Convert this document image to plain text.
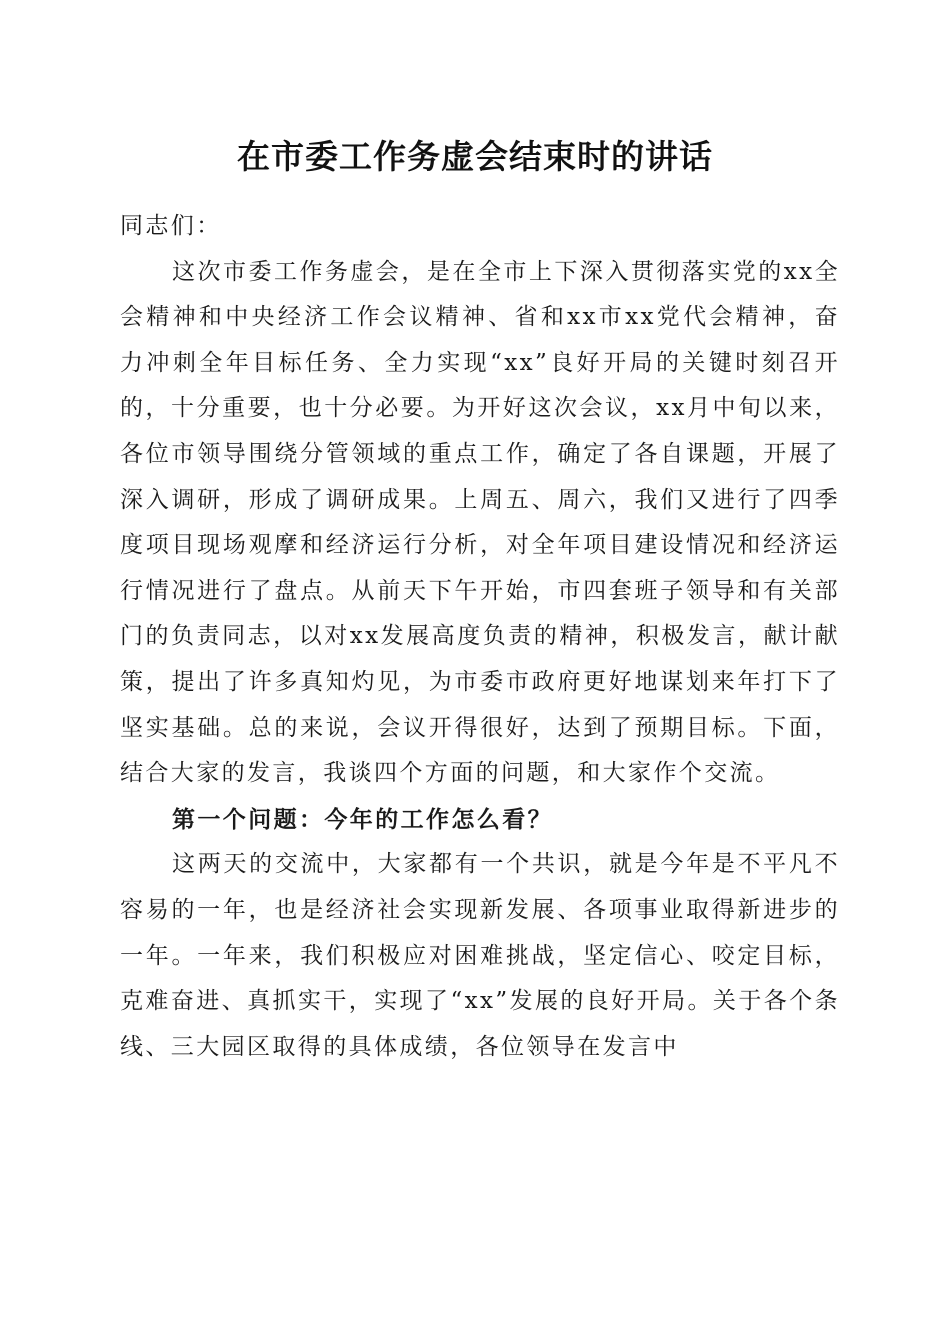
在市委工作务虚会结束时的讲话

同志们：

这次市委工作务虚会，是在全市上下深入贯彻落实党的xx全会精神和中央经济工作会议精神、省和xx市xx党代会精神，奋力冲刺全年目标任务、全力实现“xx”良好开局的关键时刻召开的，十分重要，也十分必要。为开好这次会议，xx月中旬以来，各位市领导围绕分管领域的重点工作，确定了各自课题，开展了深入调研，形成了调研成果。上周五、周六，我们又进行了四季度项目现场观摩和经济运行分析，对全年项目建设情况和经济运行情况进行了盘点。从前天下午开始，市四套班子领导和有关部门的负责同志，以对xx发展高度负责的精神，积极发言，献计献策，提出了许多真知灼见，为市委市政府更好地谋划来年打下了坚实基础。总的来说，会议开得很好，达到了预期目标。下面，结合大家的发言，我谈四个方面的问题，和大家作个交流。

第一个问题：今年的工作怎么看？

这两天的交流中，大家都有一个共识，就是今年是不平凡不容易的一年，也是经济社会实现新发展、各项事业取得新进步的一年。一年来，我们积极应对困难挑战，坚定信心、咬定目标，克难奋进、真抓实干，实现了“xx”发展的良好开局。关于各个条线、三大园区取得的具体成绩，各位领导在发言中
